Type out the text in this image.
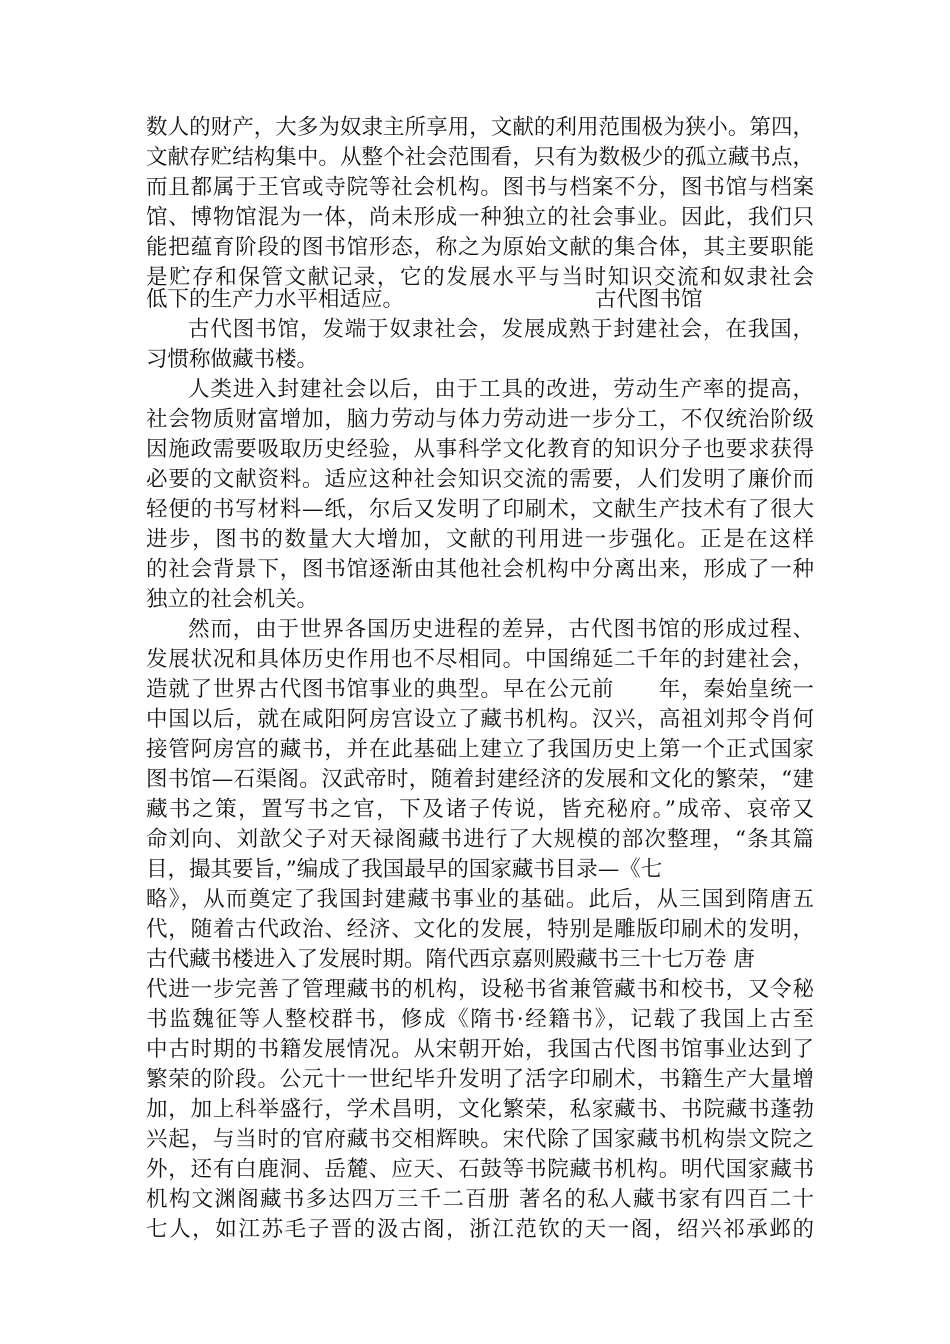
数人的财产，大多为奴隶主所享用，文献的利用范围极为狭小。第四，
文献存贮结构集中。从整个社会范围看，只有为数极少的孤立藏书点，
而且都属于王官或寺院等社会机构。图书与档案不分，图书馆与档案
馆、博物馆混为一体，尚未形成一种独立的社会事业。因此，我们只
能把蕴育阶段的图书馆形态，称之为原始文献的集合体，其主要职能
是贮存和保管文献记录，它的发展水平与当时知识交流和奴隶社会
低下的生产力水平相适应。	古代图书馆
古代图书馆，发端于奴隶社会，发展成熟于封建社会，在我国，
习惯称做藏书楼。
人类进入封建社会以后，由于工具的改进，劳动生产率的提高，
社会物质财富增加，脑力劳动与体力劳动进一步分工，不仅统治阶级
因施政需要吸取历史经验，从事科学文化教育的知识分子也要求获得
必要的文献资料。适应这种社会知识交流的需要，人们发明了廉价而
轻便的书写材料—纸，尔后又发明了印刷术，文献生产技术有了很大
进步，图书的数量大大增加，文献的刊用进一步强化。正是在这样
的社会背景下，图书馆逐渐由其他社会机构中分离出来，形成了一种
独立的社会机关。
然而，由于世界各国历史进程的差异，古代图书馆的形成过程、
发展状况和具体历史作用也不尽相同。中国绵延二千年的封建社会，
造就了世界古代图书馆事业的典型。早在公元前　　年，秦始皇统一
中国以后，就在咸阳阿房宫设立了藏书机构。汉兴，高祖刘邦令肖何
接管阿房宫的藏书，并在此基础上建立了我国历史上第一个正式国家
图书馆—石渠阁。汉武帝时，随着封建经济的发展和文化的繁荣，“建
藏书之策，置写书之官，下及诸子传说，皆充秘府。”成帝、哀帝又
命刘向、刘歆父子对天禄阁藏书进行了大规模的部次整理，“条其篇
目，撮其要旨，”编成了我国最早的国家藏书目录—《七
略》，从而奠定了我国封建藏书事业的基础。此后，从三国到隋唐五
代，随着古代政治、经济、文化的发展，特别是雕版印刷术的发明，
古代藏书楼进入了发展时期。隋代西京嘉则殿藏书三十七万卷 唐
代进一步完善了管理藏书的机构，设秘书省兼管藏书和校书，又令秘
书监魏征等人整校群书，修成《隋书·经籍书》，记载了我国上古至
中古时期的书籍发展情况。从宋朝开始，我国古代图书馆事业达到了
繁荣的阶段。公元十一世纪毕升发明了活字印刷术，书籍生产大量增
加，加上科举盛行，学术昌明，文化繁荣，私家藏书、书院藏书蓬勃
兴起，与当时的官府藏书交相辉映。宋代除了国家藏书机构崇文院之
外，还有白鹿洞、岳麓、应天、石鼓等书院藏书机构。明代国家藏书
机构文渊阁藏书多达四万三千二百册 著名的私人藏书家有四百二十
七人，如江苏毛子晋的汲古阁，浙江范钦的天一阁，绍兴祁承邺的
